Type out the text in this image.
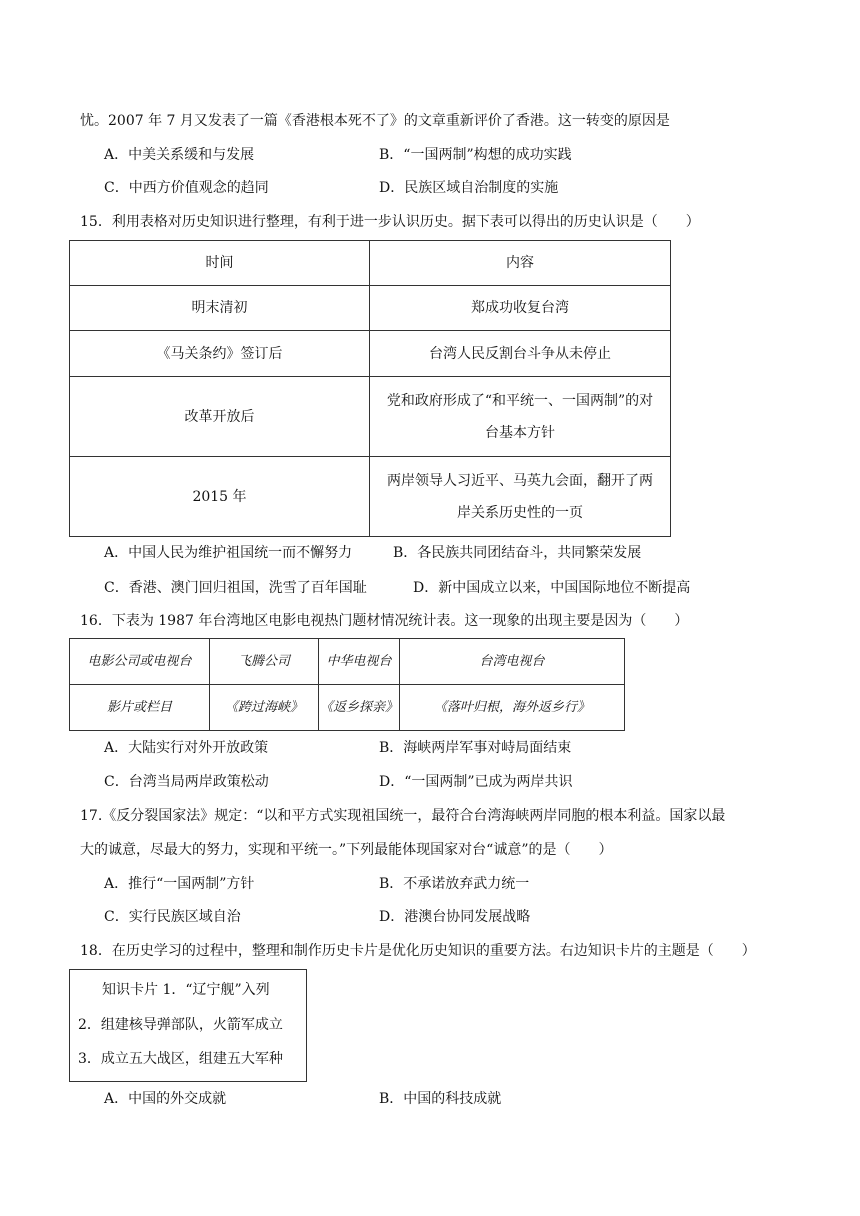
忧。2007 年 7 月又发表了一篇《香港根本死不了》的文章重新评价了香港。这一转变的原因是
A．中美关系缓和与发展	B．“一国两制”构想的成功实践
C．中西方价值观念的趋同	D．民族区域自治制度的实施
15．利用表格对历史知识进行整理，有利于进一步认识历史。据下表可以得出的历史认识是（　　）
时间	内容
明末清初	郑成功收复台湾
《马关条约》签订后	台湾人民反割台斗争从未停止
改革开放后	党和政府形成了“和平统一、一国两制”的对台基本方针
2015 年	两岸领导人习近平、马英九会面，翻开了两岸关系历史性的一页
A．中国人民为维护祖国统一而不懈努力	B．各民族共同团结奋斗，共同繁荣发展
C．香港、澳门回归祖国，洗雪了百年国耻	D．新中国成立以来，中国国际地位不断提高
16．下表为 1987 年台湾地区电影电视热门题材情况统计表。这一现象的出现主要是因为（　　）
电影公司或电视台	飞腾公司	中华电视台	台湾电视台
影片或栏目	《跨过海峡》	《返乡探亲》	《落叶归根，海外返乡行》
A．大陆实行对外开放政策	B．海峡两岸军事对峙局面结束
C．台湾当局两岸政策松动	D．“一国两制”已成为两岸共识
17.《反分裂国家法》规定：“以和平方式实现祖国统一，最符合台湾海峡两岸同胞的根本利益。国家以最
大的诚意，尽最大的努力，实现和平统一。”下列最能体现国家对台“诚意”的是（　　）
A．推行“一国两制”方针	B．不承诺放弃武力统一
C．实行民族区域自治	D．港澳台协同发展战略
18．在历史学习的过程中，整理和制作历史卡片是优化历史知识的重要方法。右边知识卡片的主题是（　　）
知识卡片 1．“辽宁舰”入列
2．组建核导弹部队，火箭军成立
3．成立五大战区，组建五大军种
A．中国的外交成就	B．中国的科技成就
